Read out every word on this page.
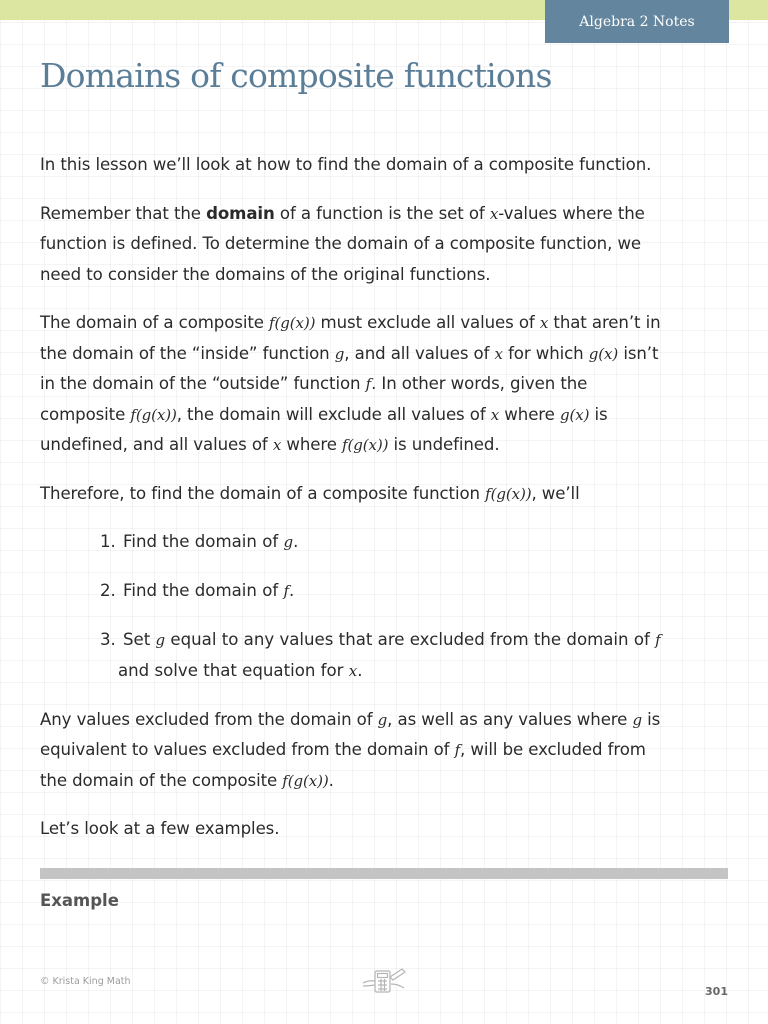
Algebra 2 Notes
Domains of composite functions

In this lesson we’ll look at how to find the domain of a composite function.

Remember that the domain of a function is the set of x-values where the
function is defined. To determine the domain of a composite function, we
need to consider the domains of the original functions.

The domain of a composite f(g(x)) must exclude all values of x that aren’t in
the domain of the “inside” function g, and all values of x for which g(x) isn’t
in the domain of the “outside” function f. In other words, given the
composite f(g(x)), the domain will exclude all values of x where g(x) is
undefined, and all values of x where f(g(x)) is undefined.

Therefore, to find the domain of a composite function f(g(x)), we’ll

1. Find the domain of g.
2. Find the domain of f.
3. Set g equal to any values that are excluded from the domain of f
and solve that equation for x.

Any values excluded from the domain of g, as well as any values where g is
equivalent to values excluded from the domain of f, will be excluded from
the domain of the composite f(g(x)).

Let’s look at a few examples.

Example
© Krista King Math
301
